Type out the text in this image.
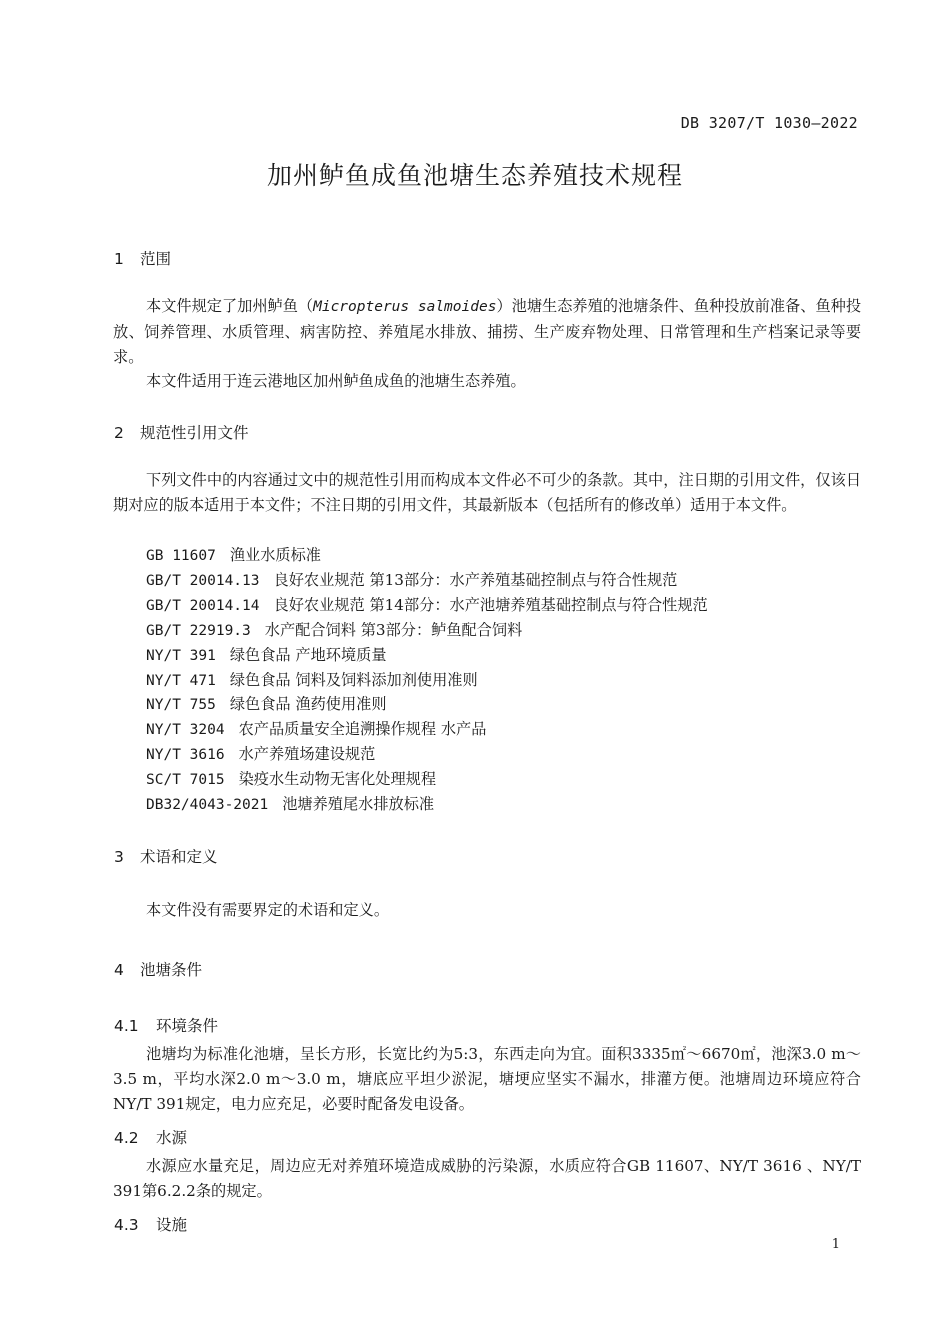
DB 3207/T 1030—2022
加州鲈鱼成鱼池塘生态养殖技术规程
1 范围
本文件规定了加州鲈鱼（Micropterus salmoides）池塘生态养殖的池塘条件、鱼种投放前准备、鱼种投放、饲养管理、水质管理、病害防控、养殖尾水排放、捕捞、生产废弃物处理、日常管理和生产档案记录等要求。
本文件适用于连云港地区加州鲈鱼成鱼的池塘生态养殖。
2 规范性引用文件
下列文件中的内容通过文中的规范性引用而构成本文件必不可少的条款。其中，注日期的引用文件，仅该日期对应的版本适用于本文件；不注日期的引用文件，其最新版本（包括所有的修改单）适用于本文件。
GB 11607 渔业水质标准
GB/T 20014.13 良好农业规范 第13部分：水产养殖基础控制点与符合性规范
GB/T 20014.14 良好农业规范 第14部分：水产池塘养殖基础控制点与符合性规范
GB/T 22919.3 水产配合饲料 第3部分：鲈鱼配合饲料
NY/T 391 绿色食品 产地环境质量
NY/T 471 绿色食品 饲料及饲料添加剂使用准则
NY/T 755 绿色食品 渔药使用准则
NY/T 3204 农产品质量安全追溯操作规程 水产品
NY/T 3616 水产养殖场建设规范
SC/T 7015 染疫水生动物无害化处理规程
DB32/4043-2021 池塘养殖尾水排放标准
3 术语和定义
本文件没有需要界定的术语和定义。
4 池塘条件
4.1 环境条件
池塘均为标准化池塘，呈长方形，长宽比约为5:3，东西走向为宜。面积3335㎡～6670㎡，池深3.0 m～3.5 m，平均水深2.0 m～3.0 m，塘底应平坦少淤泥，塘埂应坚实不漏水，排灌方便。池塘周边环境应符合NY/T 391规定，电力应充足，必要时配备发电设备。
4.2 水源
水源应水量充足，周边应无对养殖环境造成威胁的污染源，水质应符合GB 11607、NY/T 3616 、NY/T 391第6.2.2条的规定。
4.3 设施
1
